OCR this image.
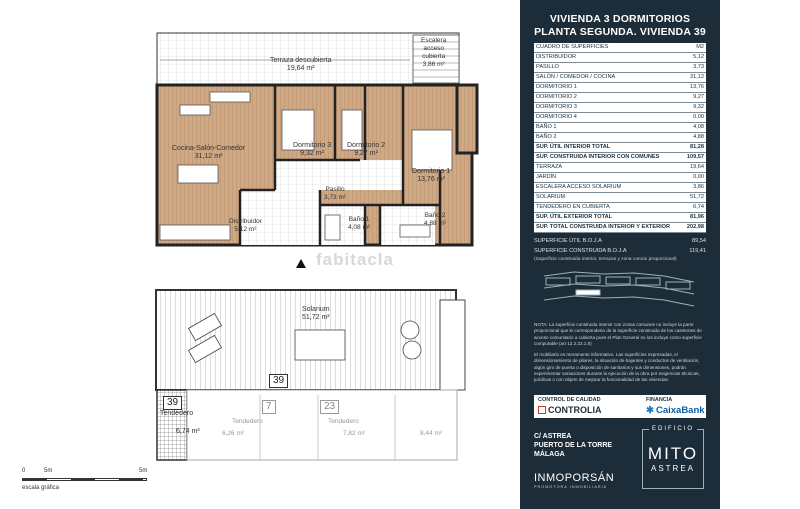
Terraza descubierta
19,64 m²
Escalera
acceso
cubierta
3,86 m²
Cocina-Salón-Comedor
31,12 m²
Dormitorio 3
9,32 m²
Dormitorio 2
9,27 m²
Dormitorio 1
13,76 m²
Pasillo
3,73 m²
Distribuidor
5,12 m²
Baño 1
4,08 m²
Baño 2
4,88 m²
Solarium
51,72 m²
Tendedero
6,74 m²
Tendedero
6,26 m²
Tendedero
7,82 m²	8,44 m²
39
39
7	23
fabitacla
0	5m	5m
escala gráfica
VIVIENDA 3 DORMITORIOS
PLANTA SEGUNDA. VIVIENDA 39
CUADRO DE SUPERFICIES	M2
DISTRIBUIDOR	5,12
PASILLO	3,73
SALÓN / COMEDOR / COCINA	31,12
DORMITORIO 1	13,76
DORMITORIO 2	9,27
DORMITORIO 3	9,32
DORMITORIO 4	0,00
BAÑO 1	4,08
BAÑO 2	4,88
SUP. ÚTIL INTERIOR TOTAL	81,28
SUP. CONSTRUIDA INTERIOR CON COMUNES	109,57
TERRAZA	19,64
JARDÍN	0,00
ESCALERA ACCESO SOLARIUM	3,86
SOLARIUM	51,72
TENDEDERO EN CUBIERTA	6,74
SUP. ÚTIL EXTERIOR TOTAL	81,96
SUP. TOTAL CONSTRUIDA INTERIOR Y EXTERIOR	202,98
SUPERFICIE ÚTIL B.O.J.A	89,54
SUPERFICIE CONSTRUIDA B.O.J.A	119,41
(Superficie construida interior, terrazas y zona común proporcional)
NOTA: La superficie construida interior con zonas comunes no incluye la parte proporcional que le corresponderia de la superficie construida de los casetones de acceso comunitario a cubierta pues el Plan General no los incluye como superficie computable (art 12.2.22.1.5)
El mobiliario es meramente informativo. Las superficies expresadas, el dimensionamiento de pilares, la situación de bajantes y conductos de ventilación, algún giro de puerta o disposición de sanitarios y sus dimensiones, podrán experimentar variaciones durante la ejecución de la obra por exigencias técnicas, jurídicas o con objeto de mejorar la funcionalidad de las viviendas.
CONTROL DE CALIDAD	FINANCIA
CONTROLIA	✱ CaixaBank
C/ ASTREA
PUERTO DE LA TORRE
MÁLAGA
INMOPORSÁN
PROMOTORA INMOBILIARIA
EDIFICIO
MITO
ASTREA
